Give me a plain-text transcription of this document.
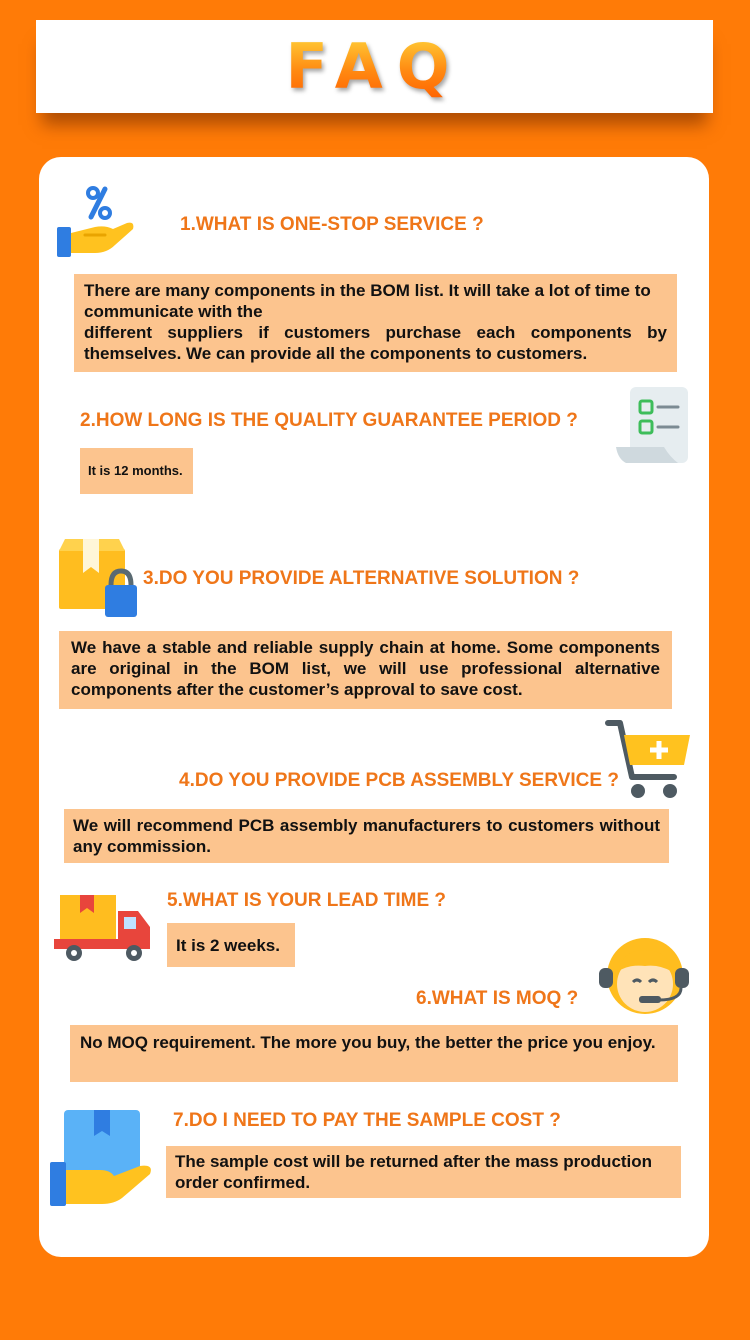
FAQ
1.WHAT IS ONE-STOP SERVICE ?
There are many components in the BOM list. It will take a lot of time to communicate with the
different suppliers if customers purchase each components by themselves. We can provide all the components to customers.
2.HOW LONG IS THE QUALITY GUARANTEE PERIOD ?
It is 12 months.
3.DO YOU PROVIDE ALTERNATIVE SOLUTION ?
We have a stable and reliable supply chain at home. Some components are original in the BOM list, we will use professional alternative components after the customer’s approval to save cost.
4.DO YOU PROVIDE PCB ASSEMBLY SERVICE ?
We will recommend PCB assembly manufacturers to customers without any commission.
5.WHAT IS YOUR LEAD TIME ?
It is 2 weeks.
6.WHAT IS MOQ ?
No MOQ requirement. The more you buy, the better the price you enjoy.
7.DO I NEED TO PAY THE SAMPLE COST ?
The sample cost will be returned after the mass production order confirmed.
